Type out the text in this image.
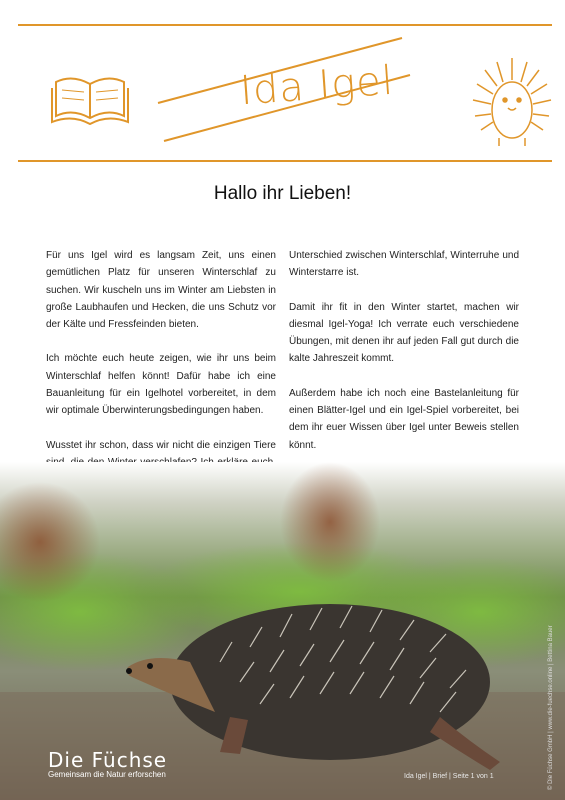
Ida Igel
Hallo ihr Lieben!

Für uns Igel wird es langsam Zeit, uns einen gemütlichen Platz für unseren Winterschlaf zu suchen. Wir kuscheln uns im Winter am Liebsten in große Laubhaufen und Hecken, die uns Schutz vor der Kälte und Fressfeinden bieten.

Ich möchte euch heute zeigen, wie ihr uns beim Winterschlaf helfen könnt! Dafür habe ich eine Bauanleitung für ein Igelhotel vorbereitet, in dem wir optimale Überwinterungsbedingungen haben.

Wusstet ihr schon, dass wir nicht die einzigen Tiere

Unterschied zwischen Winterschlaf, Winterruhe und Winterstarre ist.

Damit ihr fit in den Winter startet, machen wir diesmal Igel-Yoga! Ich verrate euch verschiedene Übungen, mit denen ihr auf jeden Fall gut durch die kalte Jahreszeit kommt.

Außerdem habe ich noch eine Bastelanleitung für einen Blätter-Igel und ein Igel-Spiel vorbereitet, bei dem ihr euer Wissen über Igel unter Beweis stellen könnt.

Die Füchse
Gemeinsam die Natur erforschen	Ida Igel | Brief | Seite 1 von 1	© Die Füchse GmbH | www.die-fuechse.online | Bettina Bauer
